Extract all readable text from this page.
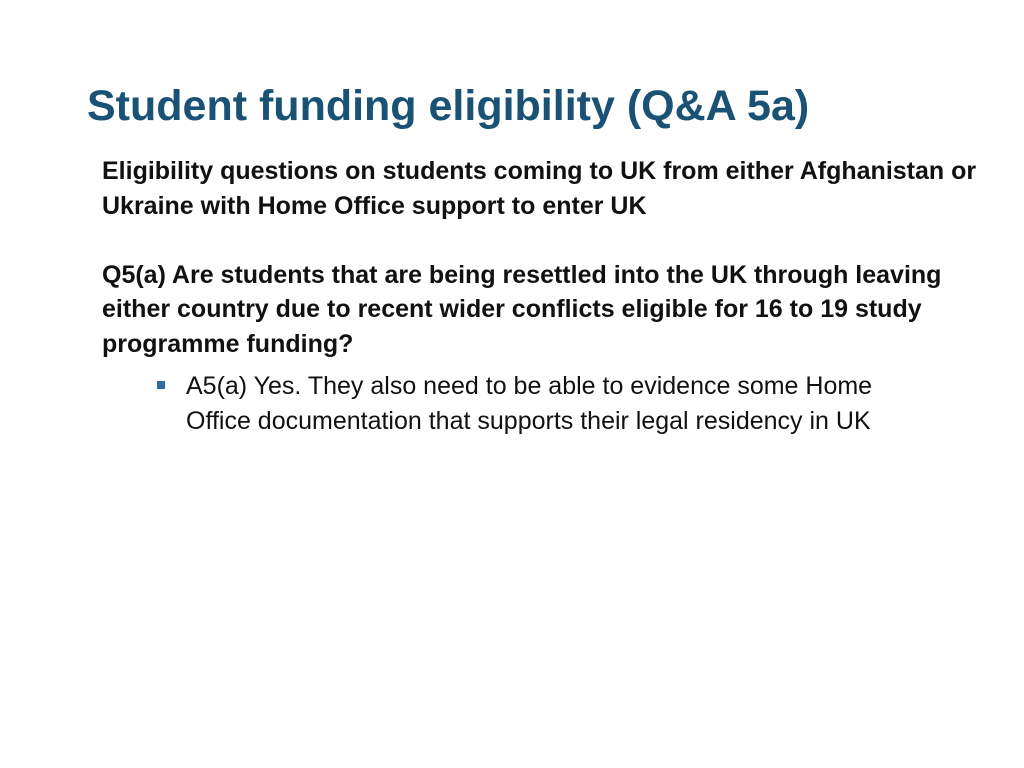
Student funding eligibility (Q&A 5a)

Eligibility questions on students coming to UK from either Afghanistan or Ukraine with Home Office support to enter UK

Q5(a) Are students that are being resettled into the UK through leaving either country due to recent wider conflicts eligible for 16 to 19 study programme funding?

A5(a) Yes. They also need to be able to evidence some Home Office documentation that supports their legal residency in UK
